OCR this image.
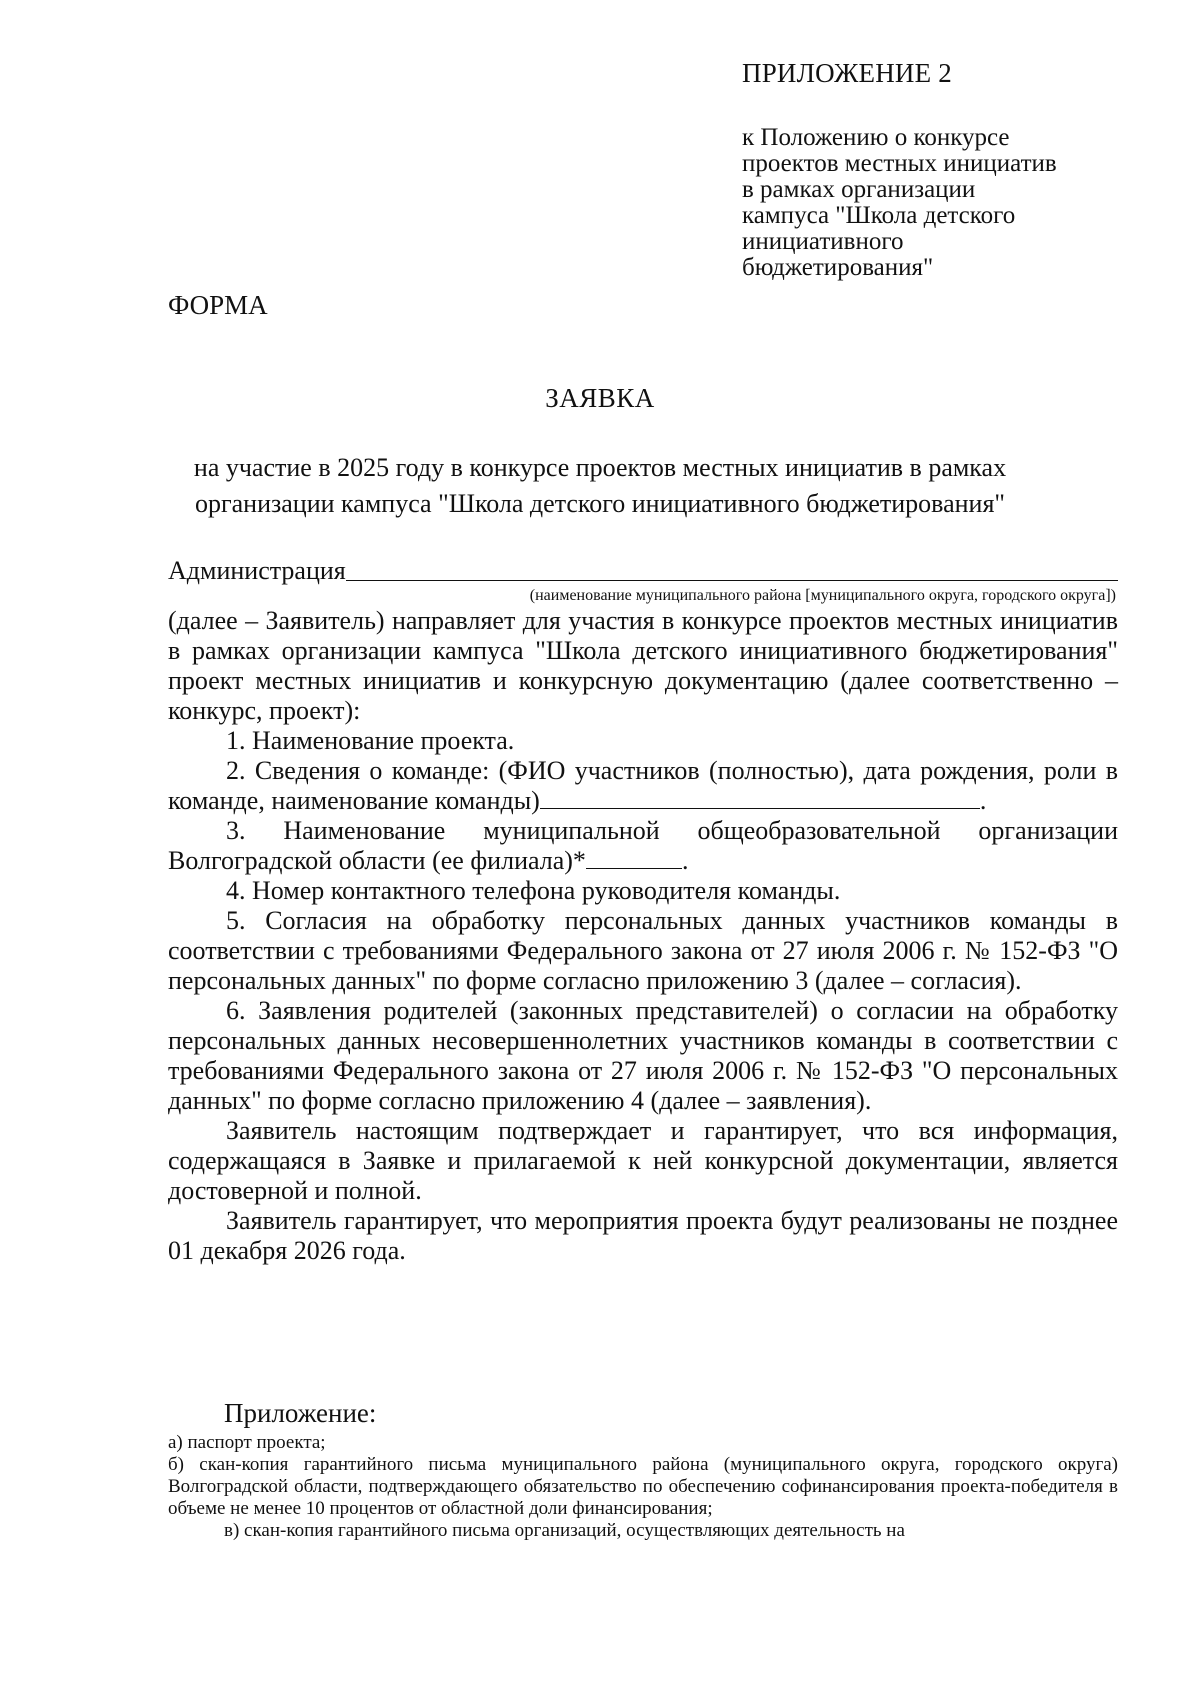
ПРИЛОЖЕНИЕ 2
к Положению о конкурсе
проектов местных инициатив
в рамках организации
кампуса "Школа детского
инициативного
бюджетирования"
ФОРМА
ЗАЯВКА
на участие в 2025 году в конкурсе проектов местных инициатив в рамках
организации кампуса "Школа детского инициативного бюджетирования"
Администрация
(наименование муниципального района [муниципального округа, городского округа])
(далее – Заявитель) направляет для участия в конкурсе проектов местных инициатив в рамках организации кампуса "Школа детского инициативного бюджетирования" проект местных инициатив и конкурсную документацию (далее соответственно – конкурс, проект):
1. Наименование проекта.
2. Сведения о команде: (ФИО участников (полностью), дата рождения, роли в команде, наименование команды)	.
3. Наименование муниципальной общеобразовательной организации Волгоградской области (ее филиала)*	.
4. Номер контактного телефона руководителя команды.
5. Согласия на обработку персональных данных участников команды в соответствии с требованиями Федерального закона от 27 июля 2006 г. № 152-ФЗ "О персональных данных" по форме согласно приложению 3 (далее – согласия).
6. Заявления родителей (законных представителей) о согласии на обработку персональных данных несовершеннолетних участников команды в соответствии с требованиями Федерального закона от 27 июля 2006 г. № 152-ФЗ "О персональных данных" по форме согласно приложению 4 (далее – заявления).
Заявитель настоящим подтверждает и гарантирует, что вся информация, содержащаяся в Заявке и прилагаемой к ней конкурсной документации, является достоверной и полной.
Заявитель гарантирует, что мероприятия проекта будут реализованы не позднее 01 декабря 2026 года.
Приложение:
а) паспорт проекта;
б) скан-копия гарантийного письма муниципального района (муниципального округа, городского округа) Волгоградской области, подтверждающего обязательство по обеспечению софинансирования проекта-победителя в объеме не менее 10 процентов от областной доли финансирования;
в) скан-копия гарантийного письма организаций, осуществляющих деятельность на
